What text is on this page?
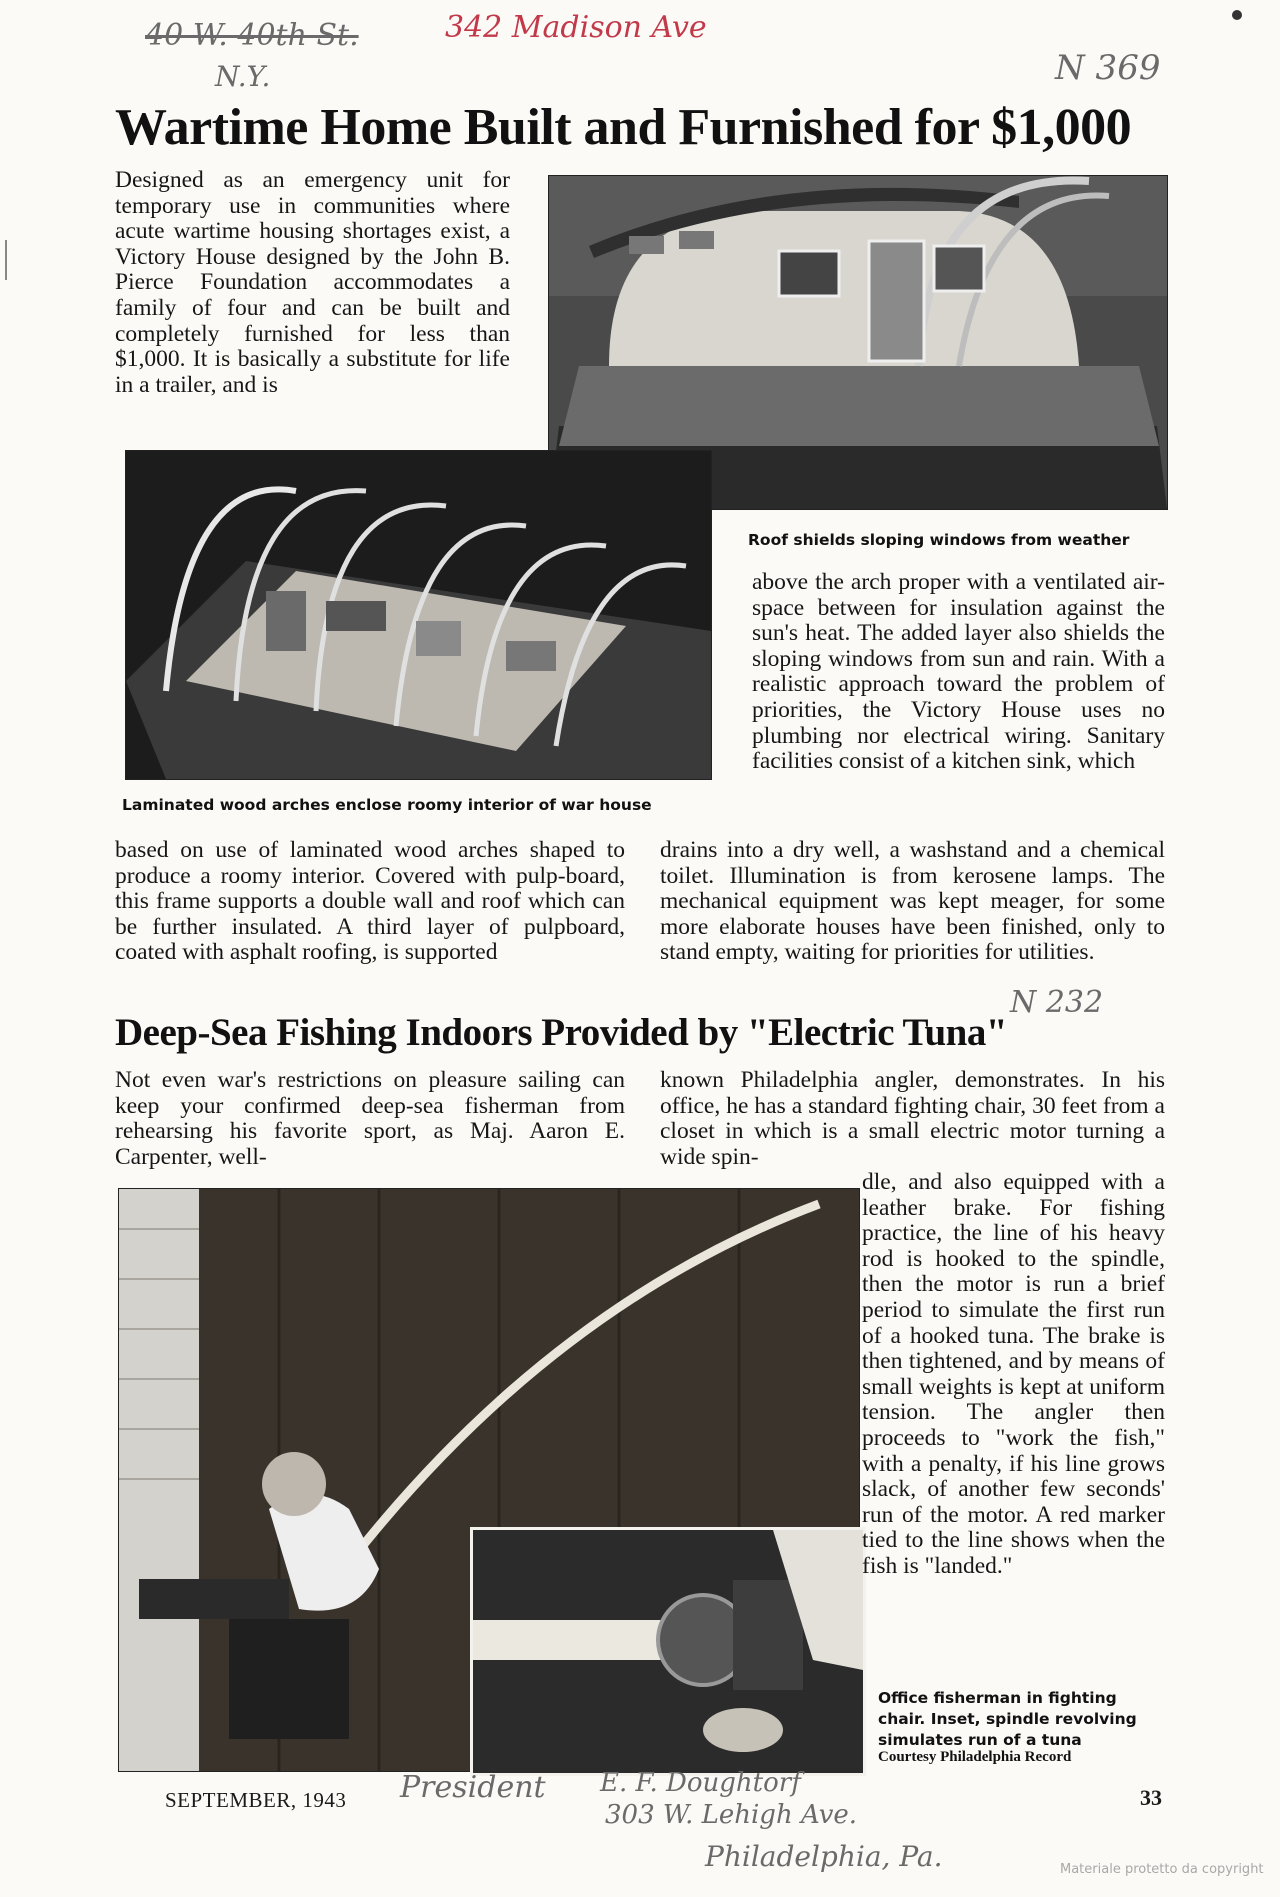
40 W. 40th St.	342 Madison Ave
N.Y.	N 369
Wartime Home Built and Furnished for $1,000
Designed as an emergency unit for temporary use in communities where acute wartime housing shortages exist, a Victory House designed by the John B. Pierce Foundation accommodates a family of four and can be built and completely furnished for less than $1,000. It is basically a substitute for life in a trailer, and is
Roof shields sloping windows from weather
Laminated wood arches enclose roomy interior of war house
above the arch proper with a ventilated air-space between for insulation against the sun's heat. The added layer also shields the sloping windows from sun and rain. With a realistic approach toward the problem of priorities, the Victory House uses no plumbing nor electrical wiring. Sanitary facilities consist of a kitchen sink, which
based on use of laminated wood arches shaped to produce a roomy interior. Covered with pulp-board, this frame supports a double wall and roof which can be further insulated. A third layer of pulpboard, coated with asphalt roofing, is supported
drains into a dry well, a washstand and a chemical toilet. Illumination is from kerosene lamps. The mechanical equipment was kept meager, for some more elaborate houses have been finished, only to stand empty, waiting for priorities for utilities.
N 232
Deep-Sea Fishing Indoors Provided by "Electric Tuna"
Not even war's restrictions on pleasure sailing can keep your confirmed deep-sea fisherman from rehearsing his favorite sport, as Maj. Aaron E. Carpenter, well-
known Philadelphia angler, demonstrates. In his office, he has a standard fighting chair, 30 feet from a closet in which is a small electric motor turning a wide spin-
dle, and also equipped with a leather brake. For fishing practice, the line of his heavy rod is hooked to the spindle, then the motor is run a brief period to simulate the first run of a hooked tuna. The brake is then tightened, and by means of small weights is kept at uniform tension. The angler then proceeds to "work the fish," with a penalty, if his line grows slack, of another few seconds' run of the motor. A red marker tied to the line shows when the fish is "landed."
Office fisherman in fighting chair. Inset, spindle revolving simulates run of a tuna
Courtesy Philadelphia Record
SEPTEMBER, 1943	33
President E. F. Doughtorf
303 W. Lehigh Ave.
Philadelphia, Pa.	Materiale protetto da copyright
